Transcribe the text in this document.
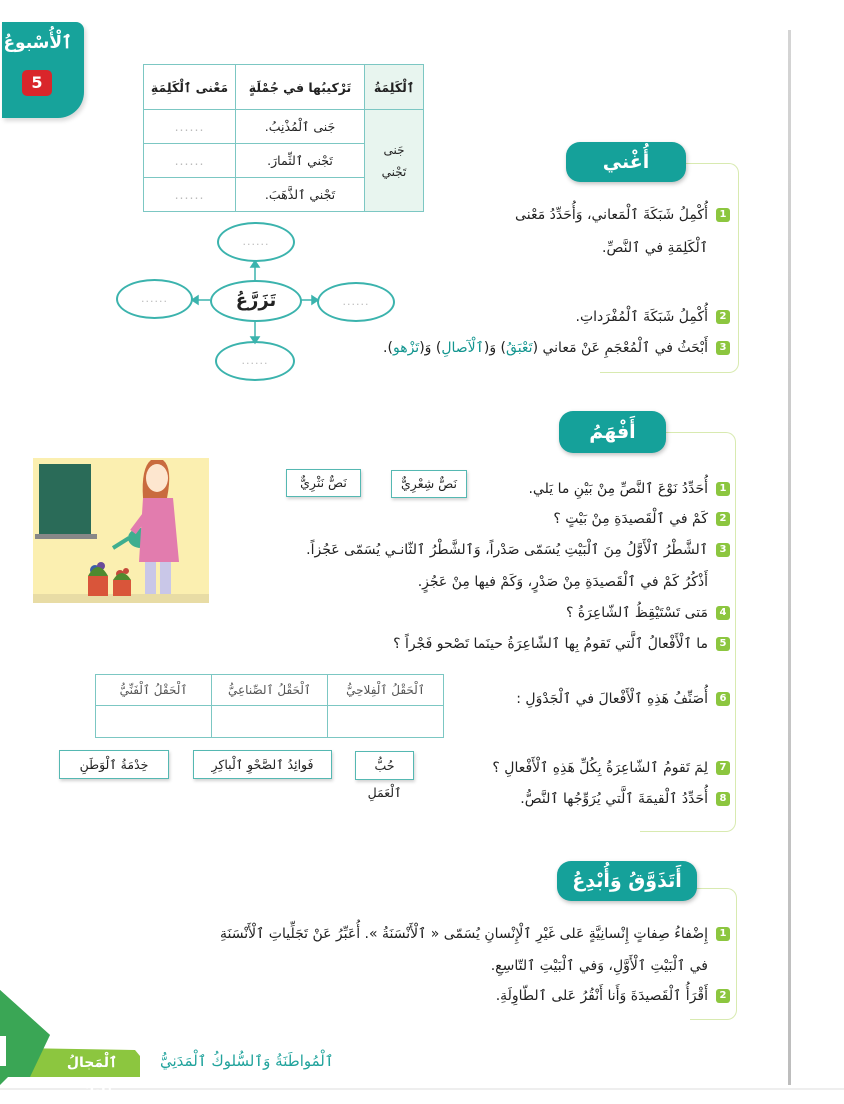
ٱلْأُسْبوعُ
5	ٱلْكَلِمَةُ	تَرْكيبُها في جُمْلَةٍ	مَعْنى ٱلْكَلِمَةِ

جَنى
تَجْني	جَنى ٱلْمُذْنِبُ.	......
	تَجْني ٱلثِّمارَ.	......
	تَجْني ٱلذَّهَبَ.	......
......
......	......
......
تَزَرَّعُ
أُغْني مُعْجَمي
1أُكْمِلُ شَبَكَةَ ٱلْمَعاني، وَأُحَدِّدُ مَعْنى
ٱلْكَلِمَةِ في ٱلنَّصِّ.
2أُكْمِلُ شَبَكَةَ ٱلْمُفْرَداتِ.
3أَبْحَثُ في ٱلْمُعْجَمِ عَنْ مَعاني (تَعْبَقُ) وَ(ٱلْآصالِ) وَ(تَزْهو).
أَفْهَمُ
1أُحَدِّدُ نَوْعَ ٱلنَّصِّ مِنْ بَيْنِ ما يَلي.
نَصٌّ شِعْرِيٌّ
نَصٌّ نَثْرِيٌّ
2كَمْ في ٱلْقَصيدَةِ مِنْ بَيْتٍ ؟
3ٱلشَّطْرُ ٱلْأَوَّلُ مِنَ ٱلْبَيْتِ يُسَمّى صَدْراً، وَٱلشَّطْرُ ٱلثّانـي يُسَمّى عَجُزاً.
أَذْكُرُ كَمْ في ٱلْقَصيدَةِ مِنْ صَدْرٍ، وَكَمْ فيها مِنْ عَجُزٍ.
4مَتى تَسْتَيْقِظُ ٱلشّاعِرَةُ ؟
5ما ٱلْأَفْعالُ ٱلَّتي تَقومُ بِها ٱلشّاعِرَةُ حينَما تَصْحو فَجْراً ؟
6أُصَنِّفُ هَذِهِ ٱلْأَفْعالَ في ٱلْجَدْوَلِ :
ٱلْحَقْلُ ٱلْفِلاحِيُّ	ٱلْحَقْلُ ٱلصِّناعِيُّ	ٱلْحَقْلُ ٱلْفَنِّيُّ

7لِمَ تَقومُ ٱلشّاعِرَةُ بِكُلِّ هَذِهِ ٱلْأَفْعالِ ؟
حُبُّ ٱلْعَمَلِ
فَوائِدُ ٱلصَّحْوِ ٱلْباكِرِ
خِدْمَةُ ٱلْوَطَنِ
8أُحَدِّدُ ٱلْقيمَةَ ٱلَّتي يُرَوِّجُها ٱلنَّصُّ.
أَتَذَوَّقُ وَأُبْدِعُ
1إِضْفاءُ صِفاتٍ إِنْسانِيَّةٍ عَلى غَيْرِ ٱلْإِنْسانِ يُسَمّى « ٱلْأَنْسَنَةُ ». أُعَبِّرُ عَنْ تَجَلِّياتِ ٱلْأَنْسَنَةِ
في ٱلْبَيْتِ ٱلْأَوَّلِ، وَفي ٱلْبَيْتِ ٱلتّاسِعِ.
2أَقْرَأُ ٱلْقَصيدَةَ وَأَنا أَنْقُرُ عَلى ٱلطّاوِلَةِ.
ٱلْمَجالُ ٱلثّاني
ٱلْمُواطَنَةُ وَٱلسُّلوكُ ٱلْمَدَنِيُّ
